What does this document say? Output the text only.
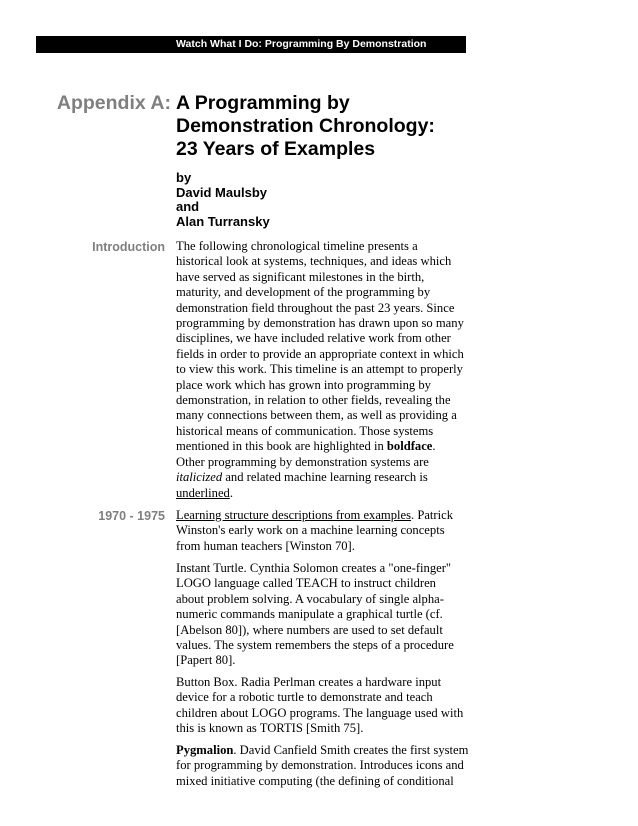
Watch What I Do: Programming By Demonstration
Appendix A: A Programming by
Demonstration Chronology:
23 Years of Examples
by
David Maulsby
and
Alan Turransky
Introduction The following chronological timeline presents a
historical look at systems, techniques, and ideas which
have served as significant milestones in the birth,
maturity, and development of the programming by
demonstration field throughout the past 23 years. Since
programming by demonstration has drawn upon so many
disciplines, we have included relative work from other
fields in order to provide an appropriate context in which
to view this work. This timeline is an attempt to properly
place work which has grown into programming by
demonstration, in relation to other fields, revealing the
many connections between them, as well as providing a
historical means of communication. Those systems
mentioned in this book are highlighted in boldface.
Other programming by demonstration systems are
italicized and related machine learning research is
underlined.
1970 - 1975 Learning structure descriptions from examples. Patrick
Winston's early work on a machine learning concepts
from human teachers [Winston 70].
Instant Turtle. Cynthia Solomon creates a "one-finger"
LOGO language called TEACH to instruct children
about problem solving. A vocabulary of single alpha-
numeric commands manipulate a graphical turtle (cf.
[Abelson 80]), where numbers are used to set default
values. The system remembers the steps of a procedure
[Papert 80].
Button Box. Radia Perlman creates a hardware input
device for a robotic turtle to demonstrate and teach
children about LOGO programs. The language used with
this is known as TORTIS [Smith 75].
Pygmalion. David Canfield Smith creates the first system
for programming by demonstration. Introduces icons and
mixed initiative computing (the defining of conditional
